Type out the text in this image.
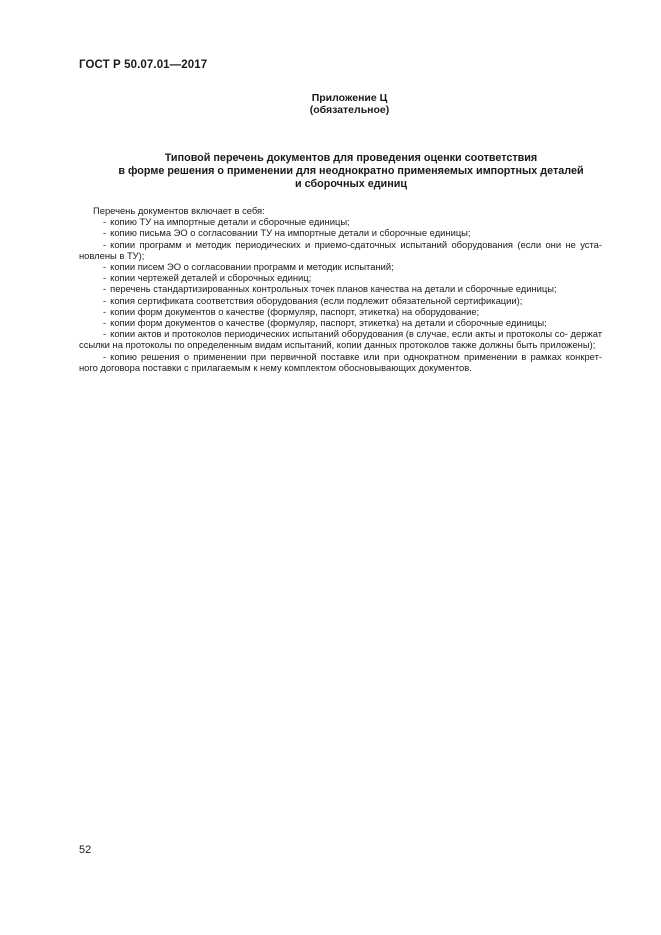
ГОСТ Р 50.07.01—2017
Приложение Ц
(обязательное)
Типовой перечень документов для проведения оценки соответствия
в форме решения о применении для неоднократно применяемых импортных деталей
и сборочных единиц
Перечень документов включает в себя:
- копию ТУ на импортные детали и сборочные единицы;
- копию письма ЭО о согласовании ТУ на импортные детали и сборочные единицы;
- копии программ и методик периодических и приемо-сдаточных испытаний оборудования (если они не уста- новлены в ТУ);
- копии писем ЭО о согласовании программ и методик испытаний;
- копии чертежей деталей и сборочных единиц;
- перечень стандартизированных контрольных точек планов качества на детали и сборочные единицы;
- копия сертификата соответствия оборудования (если подлежит обязательной сертификации);
- копии форм документов о качестве (формуляр, паспорт, этикетка) на оборудование;
- копии форм документов о качестве (формуляр, паспорт, этикетка) на детали и сборочные единицы;
- копии актов и протоколов периодических испытаний оборудования (в случае, если акты и протоколы со- держат ссылки на протоколы по определенным видам испытаний, копии данных протоколов также должны быть приложены);
- копию решения о применении при первичной поставке или при однократном применении в рамках конкрет- ного договора поставки с прилагаемым к нему комплектом обосновывающих документов.
52
